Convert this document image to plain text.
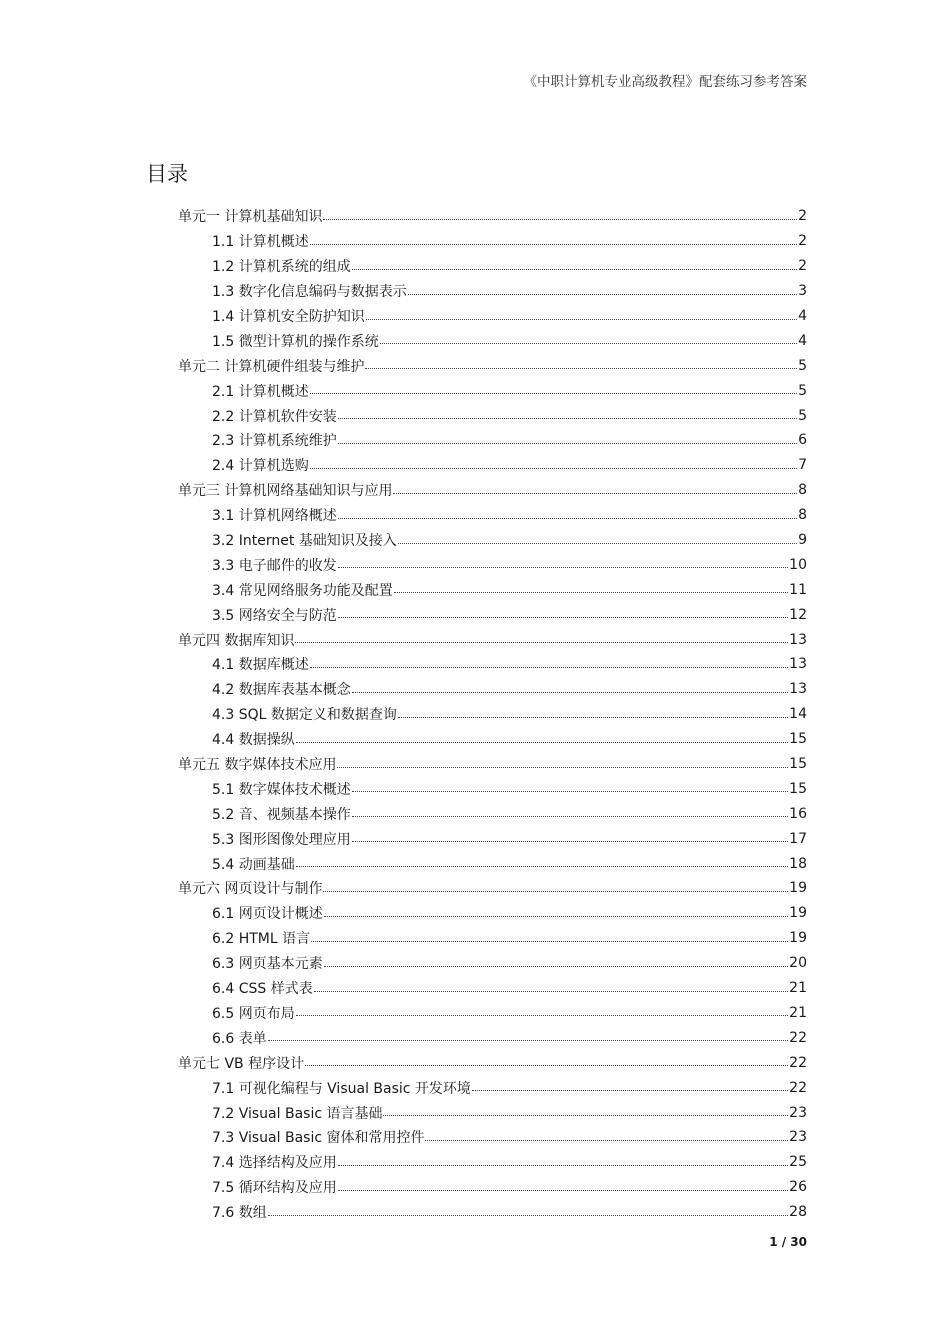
《中职计算机专业高级教程》配套练习参考答案
目录
单元一 计算机基础知识	2
1.1 计算机概述	2
1.2 计算机系统的组成	2
1.3 数字化信息编码与数据表示	3
1.4 计算机安全防护知识	4
1.5 微型计算机的操作系统	4
单元二 计算机硬件组装与维护	5
2.1 计算机概述	5
2.2 计算机软件安装	5
2.3 计算机系统维护	6
2.4 计算机选购	7
单元三 计算机网络基础知识与应用	8
3.1 计算机网络概述	8
3.2 Internet 基础知识及接入	9
3.3 电子邮件的收发	10
3.4 常见网络服务功能及配置	11
3.5 网络安全与防范	12
单元四 数据库知识	13
4.1 数据库概述	13
4.2 数据库表基本概念	13
4.3 SQL 数据定义和数据查询	14
4.4 数据操纵	15
单元五 数字媒体技术应用	15
5.1 数字媒体技术概述	15
5.2 音、视频基本操作	16
5.3 图形图像处理应用	17
5.4 动画基础	18
单元六 网页设计与制作	19
6.1 网页设计概述	19
6.2 HTML 语言	19
6.3 网页基本元素	20
6.4 CSS 样式表	21
6.5 网页布局	21
6.6 表单	22
单元七 VB 程序设计	22
7.1 可视化编程与 Visual Basic 开发环境	22
7.2 Visual Basic 语言基础	23
7.3 Visual Basic 窗体和常用控件	23
7.4 选择结构及应用	25
7.5 循环结构及应用	26
7.6 数组	28
1 / 30
